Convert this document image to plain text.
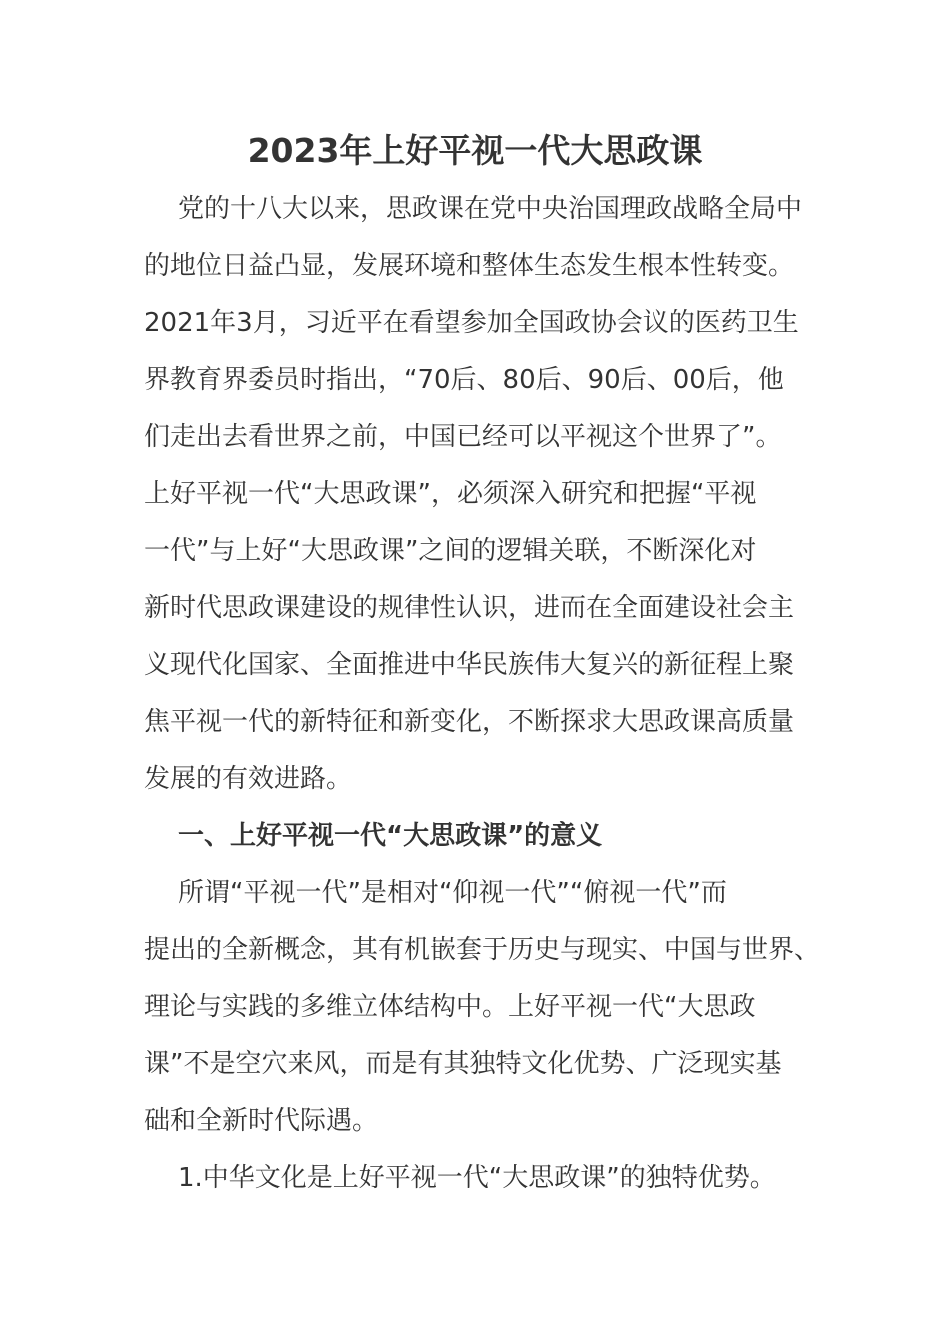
2023年上好平视一代大思政课

党的十八大以来，思政课在党中央治国理政战略全局中

的地位日益凸显，发展环境和整体生态发生根本性转变。

2021年3月，习近平在看望参加全国政协会议的医药卫生

界教育界委员时指出，“70后、80后、90后、00后，他

们走出去看世界之前，中国已经可以平视这个世界了”。

上好平视一代“大思政课”，必须深入研究和把握“平视

一代”与上好“大思政课”之间的逻辑关联，不断深化对

新时代思政课建设的规律性认识，进而在全面建设社会主

义现代化国家、全面推进中华民族伟大复兴的新征程上聚

焦平视一代的新特征和新变化，不断探求大思政课高质量

发展的有效进路。

一、上好平视一代“大思政课”的意义

所谓“平视一代”是相对“仰视一代”“俯视一代”而

提出的全新概念，其有机嵌套于历史与现实、中国与世界、

理论与实践的多维立体结构中。上好平视一代“大思政

课”不是空穴来风，而是有其独特文化优势、广泛现实基

础和全新时代际遇。

1.中华文化是上好平视一代“大思政课”的独特优势。
